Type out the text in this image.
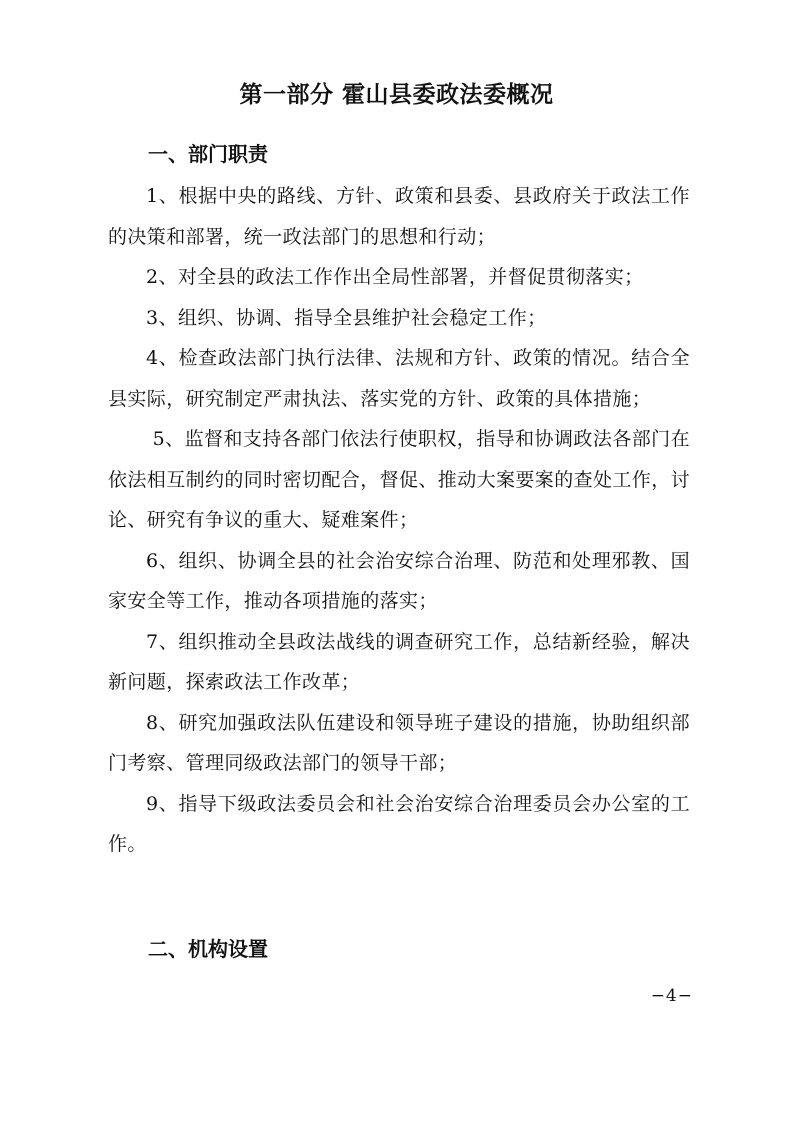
第一部分 霍山县委政法委概况
一、部门职责

1、根据中央的路线、方针、政策和县委、县政府关于政法工作的决策和部署，统一政法部门的思想和行动；

2、对全县的政法工作作出全局性部署，并督促贯彻落实；

3、组织、协调、指导全县维护社会稳定工作；

4、检查政法部门执行法律、法规和方针、政策的情况。结合全县实际，研究制定严肃执法、落实党的方针、政策的具体措施；

5、监督和支持各部门依法行使职权，指导和协调政法各部门在依法相互制约的同时密切配合，督促、推动大案要案的查处工作，讨论、研究有争议的重大、疑难案件；

6、组织、协调全县的社会治安综合治理、防范和处理邪教、国家安全等工作，推动各项措施的落实；

7、组织推动全县政法战线的调查研究工作，总结新经验，解决新问题，探索政法工作改革；

8、研究加强政法队伍建设和领导班子建设的措施，协助组织部门考察、管理同级政法部门的领导干部；

9、指导下级政法委员会和社会治安综合治理委员会办公室的工作。

二、机构设置
−4−
